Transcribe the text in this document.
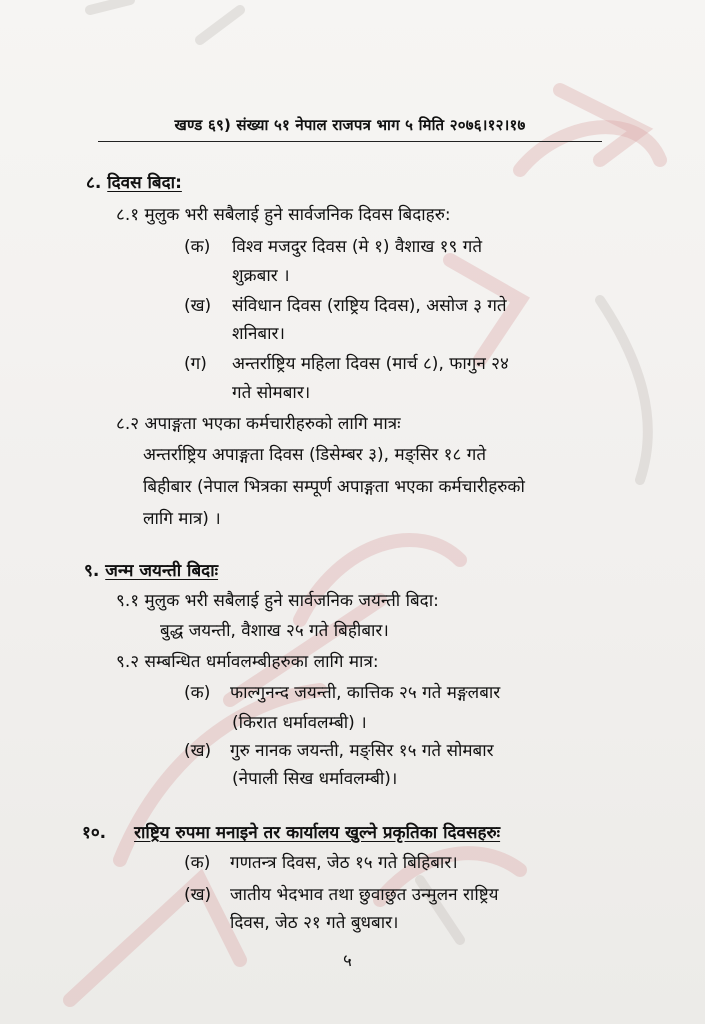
खण्ड ६९) संख्या ५१ नेपाल राजपत्र भाग ५ मिति २०७६।१२।१७
८. दिवस बिदा:
८.१ मुलुक भरी सबैलाई हुने सार्वजनिक दिवस बिदाहरु:
(क) विश्व मजदुर दिवस (मे १) वैशाख १९ गते
शुक्रबार ।
(ख) संविधान दिवस (राष्ट्रिय दिवस), असोज ३ गते
शनिबार।
(ग) अन्तर्राष्ट्रिय महिला दिवस (मार्च ८), फागुन २४
गते सोमबार।
८.२ अपाङ्गता भएका कर्मचारीहरुको लागि मात्रः
अन्तर्राष्ट्रिय अपाङ्गता दिवस (डिसेम्बर ३), मङ्सिर १८ गते
बिहीबार (नेपाल भित्रका सम्पूर्ण अपाङ्गता भएका कर्मचारीहरुको
लागि मात्र) ।
९. जन्म जयन्ती बिदाः
९.१ मुलुक भरी सबैलाई हुने सार्वजनिक जयन्ती बिदा:
बुद्ध जयन्ती, वैशाख २५ गते बिहीबार।
९.२ सम्बन्धित धर्मावलम्बीहरुका लागि मात्र:
(क) फाल्गुनन्द जयन्ती, कात्तिक २५ गते मङ्गलबार
(किरात धर्मावलम्बी) ।
(ख) गुरु नानक जयन्ती, मङ्सिर १५ गते सोमबार
(नेपाली सिख धर्मावलम्बी)।
१०. राष्ट्रिय रुपमा मनाइने तर कार्यालय खुल्ने प्रकृतिका दिवसहरुः
(क) गणतन्त्र दिवस, जेठ १५ गते बिहिबार।
(ख) जातीय भेदभाव तथा छुवाछुत उन्मुलन राष्ट्रिय
दिवस, जेठ २१ गते बुधबार।
५
